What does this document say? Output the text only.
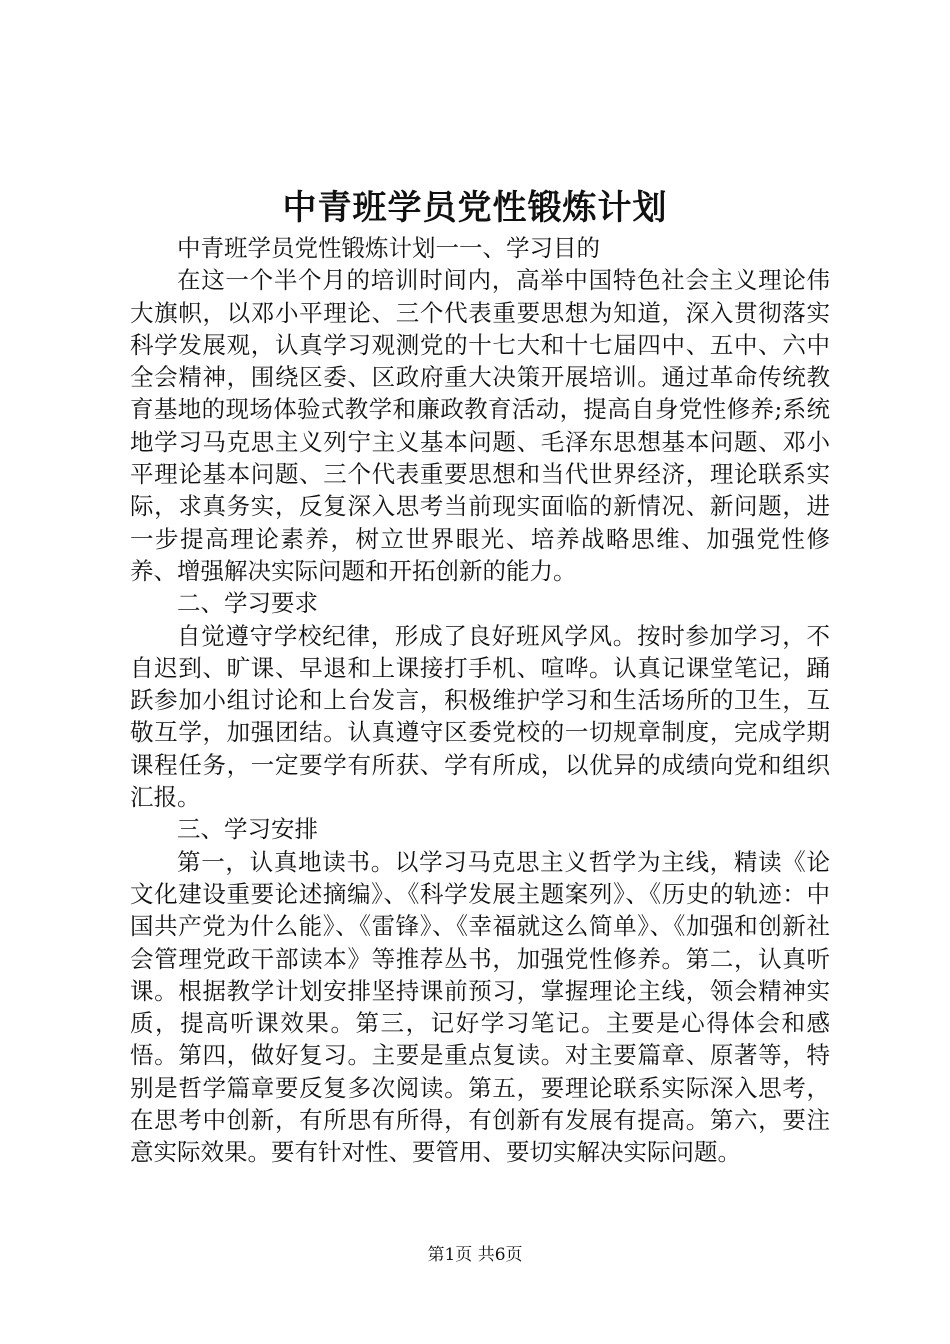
中青班学员党性锻炼计划

中青班学员党性锻炼计划一一、学习目的

在这一个半个月的培训时间内，高举中国特色社会主义理论伟大旗帜，以邓小平理论、三个代表重要思想为知道，深入贯彻落实科学发展观，认真学习观测党的十七大和十七届四中、五中、六中全会精神，围绕区委、区政府重大决策开展培训。通过革命传统教育基地的现场体验式教学和廉政教育活动，提高自身党性修养;系统地学习马克思主义列宁主义基本问题、毛泽东思想基本问题、邓小平理论基本问题、三个代表重要思想和当代世界经济，理论联系实际，求真务实，反复深入思考当前现实面临的新情况、新问题，进一步提高理论素养，树立世界眼光、培养战略思维、加强党性修养、增强解决实际问题和开拓创新的能力。

二、学习要求

自觉遵守学校纪律，形成了良好班风学风。按时参加学习，不自迟到、旷课、早退和上课接打手机、喧哗。认真记课堂笔记，踊跃参加小组讨论和上台发言，积极维护学习和生活场所的卫生，互敬互学，加强团结。认真遵守区委党校的一切规章制度，完成学期课程任务，一定要学有所获、学有所成，以优异的成绩向党和组织汇报。

三、学习安排

第一，认真地读书。以学习马克思主义哲学为主线，精读《论文化建设重要论述摘编》、《科学发展主题案列》、《历史的轨迹：中国共产党为什么能》、《雷锋》、《幸福就这么简单》、《加强和创新社会管理党政干部读本》等推荐丛书，加强党性修养。第二，认真听课。根据教学计划安排坚持课前预习，掌握理论主线，领会精神实质，提高听课效果。第三，记好学习笔记。主要是心得体会和感悟。第四，做好复习。主要是重点复读。对主要篇章、原著等，特别是哲学篇章要反复多次阅读。第五，要理论联系实际深入思考，在思考中创新，有所思有所得，有创新有发展有提高。第六，要注意实际效果。要有针对性、要管用、要切实解决实际问题。

第1页 共6页
